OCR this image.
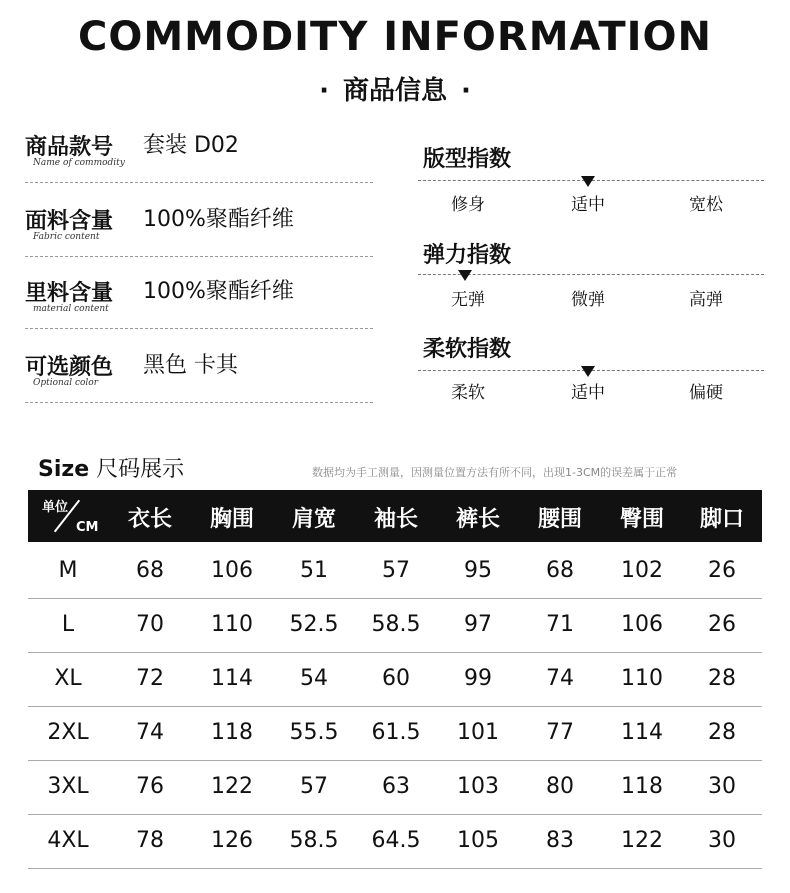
COMMODITY INFORMATION
· 商品信息 ·
商品款号
Name of commodity
套装 D02
面料含量
Fabric content
100%聚酯纤维
里料含量
material content
100%聚酯纤维
可选颜色
Optional color
黑色 卡其
版型指数
修身	适中	宽松
弹力指数
无弹	微弹	高弹
柔软指数
柔软	适中	偏硬
Size 尺码展示	数据均为手工测量，因测量位置方法有所不同，出现1-3CM的误差属于正常
单位
CM	衣长	胸围	肩宽	袖长	裤长	腰围	臀围	脚口
M	68	106	51	57	95	68	102	26
L	70	110	52.5	58.5	97	71	106	26
XL	72	114	54	60	99	74	110	28
2XL	74	118	55.5	61.5	101	77	114	28
3XL	76	122	57	63	103	80	118	30
4XL	78	126	58.5	64.5	105	83	122	30
